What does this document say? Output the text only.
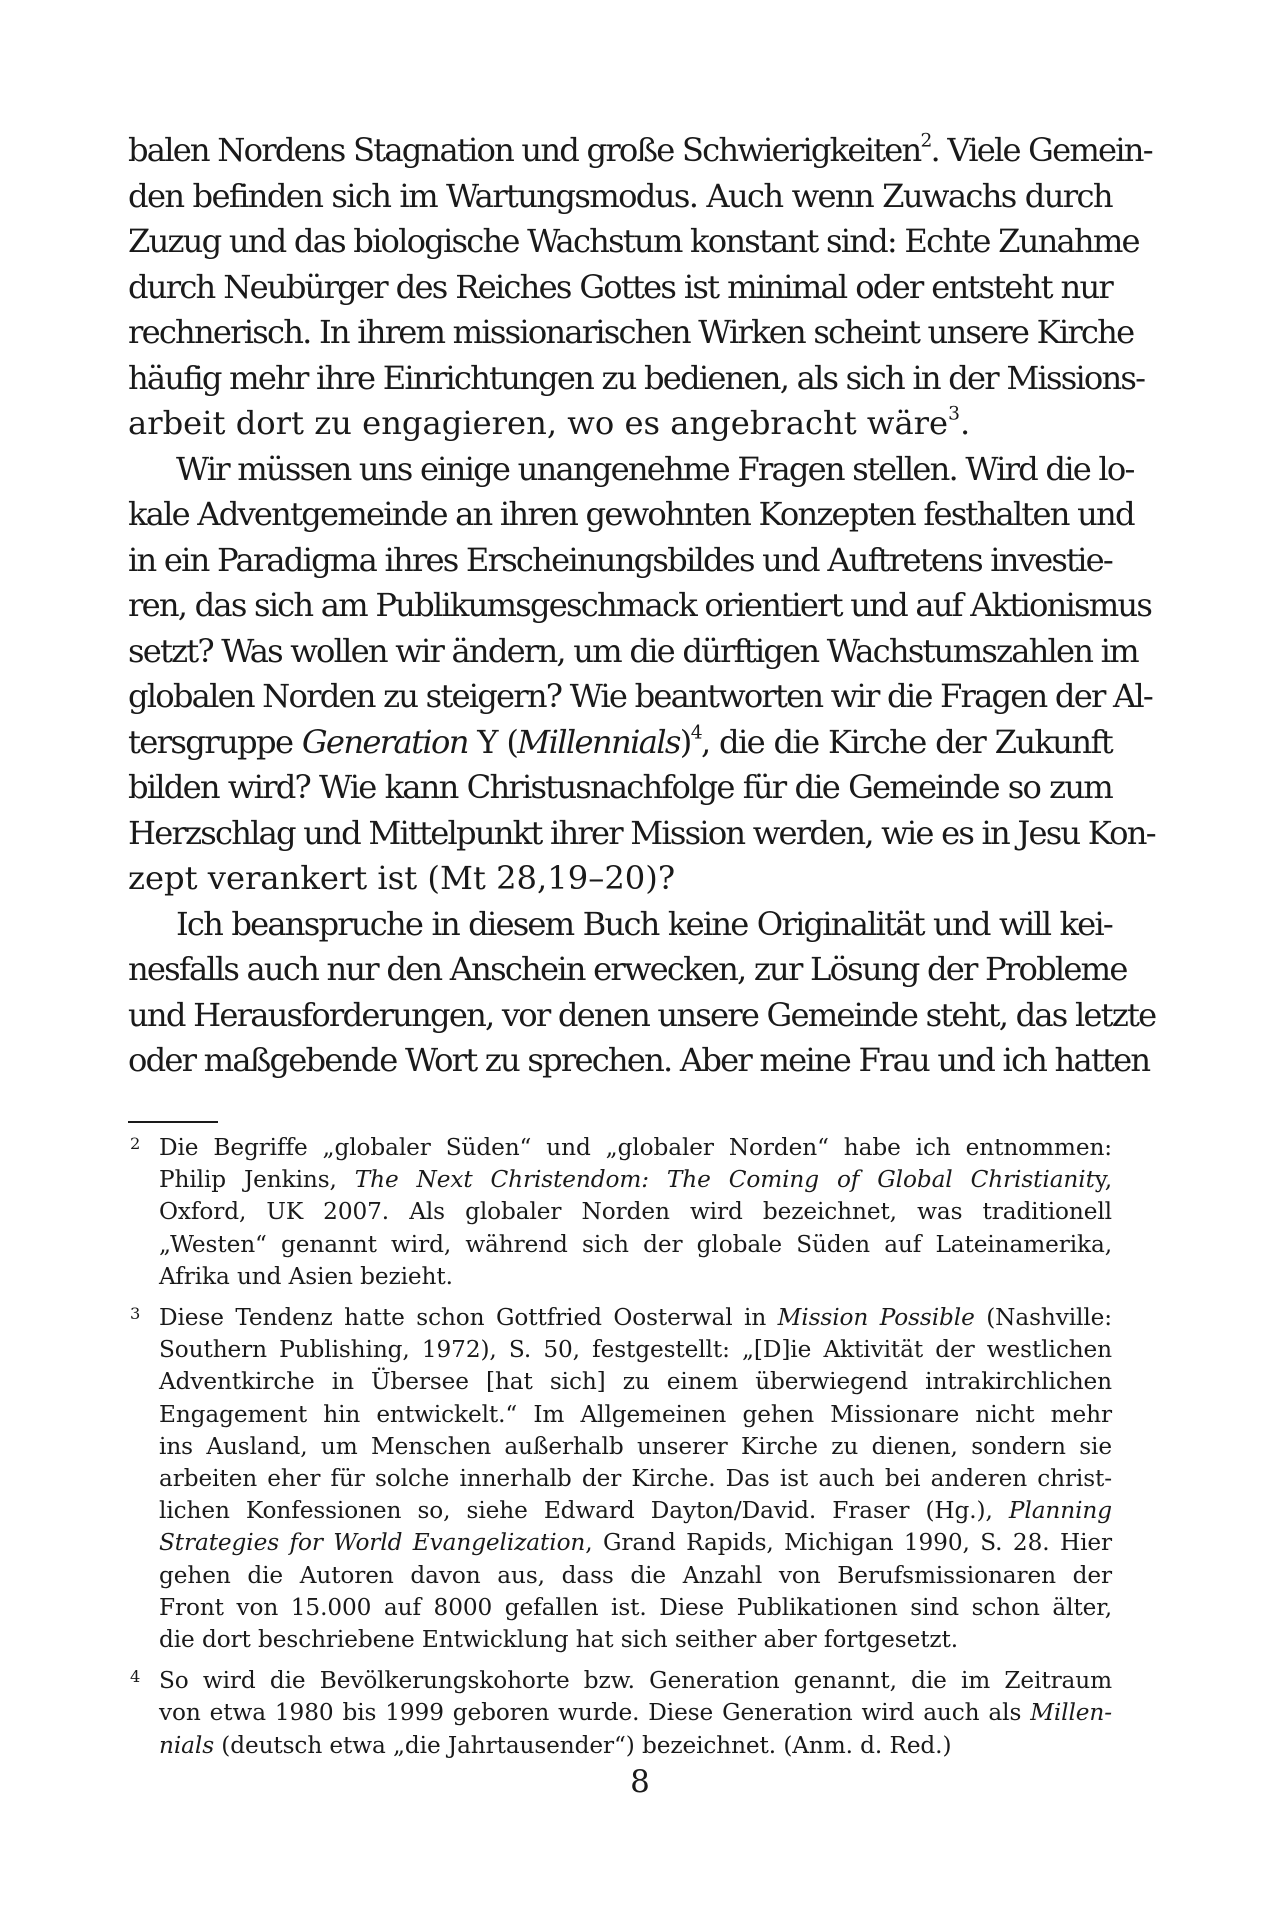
balen Nordens Stagnation und große Schwierigkeiten$^2$. Viele Gemein-
den befinden sich im Wartungsmodus. Auch wenn Zuwachs durch
Zuzug und das biologische Wachstum konstant sind: Echte Zunahme
durch Neubürger des Reiches Gottes ist minimal oder entsteht nur
rechnerisch. In ihrem missionarischen Wirken scheint unsere Kirche
häufig mehr ihre Einrichtungen zu bedienen, als sich in der Missions-
arbeit dort zu engagieren, wo es angebracht wäre$^3$.
Wir müssen uns einige unangenehme Fragen stellen. Wird die lo-
kale Adventgemeinde an ihren gewohnten Konzepten festhalten und
in ein Paradigma ihres Erscheinungsbildes und Auftretens investie-
ren, das sich am Publikumsgeschmack orientiert und auf Aktionismus
setzt? Was wollen wir ändern, um die dürftigen Wachstumszahlen im
globalen Norden zu steigern? Wie beantworten wir die Fragen der Al-
tersgruppe Generation Y (Millennials)$^4$, die die Kirche der Zukunft
bilden wird? Wie kann Christusnachfolge für die Gemeinde so zum
Herzschlag und Mittelpunkt ihrer Mission werden, wie es in Jesu Kon-
zept verankert ist (Mt 28,19–20)?
Ich beanspruche in diesem Buch keine Originalität und will kei-
nesfalls auch nur den Anschein erwecken, zur Lösung der Probleme
und Herausforderungen, vor denen unsere Gemeinde steht, das letzte
oder maßgebende Wort zu sprechen. Aber meine Frau und ich hatten
2 Die Begriffe „globaler Süden“ und „globaler Norden“ habe ich entnommen:
Philip Jenkins, The Next Christendom: The Coming of Global Christianity,
Oxford, UK 2007. Als globaler Norden wird bezeichnet, was traditionell
„Westen“ genannt wird, während sich der globale Süden auf Lateinamerika,
Afrika und Asien bezieht.
3 Diese Tendenz hatte schon Gottfried Oosterwal in Mission Possible (Nashville:
Southern Publishing, 1972), S. 50, festgestellt: „[D]ie Aktivität der westlichen
Adventkirche in Übersee [hat sich] zu einem überwiegend intrakirchlichen
Engagement hin entwickelt.“ Im Allgemeinen gehen Missionare nicht mehr
ins Ausland, um Menschen außerhalb unserer Kirche zu dienen, sondern sie
arbeiten eher für solche innerhalb der Kirche. Das ist auch bei anderen christ-
lichen Konfessionen so, siehe Edward Dayton/David. Fraser (Hg.), Planning
Strategies for World Evangelization, Grand Rapids, Michigan 1990, S. 28. Hier
gehen die Autoren davon aus, dass die Anzahl von Berufsmissionaren der
Front von 15.000 auf 8000 gefallen ist. Diese Publikationen sind schon älter,
die dort beschriebene Entwicklung hat sich seither aber fortgesetzt.
4 So wird die Bevölkerungskohorte bzw. Generation genannt, die im Zeitraum
von etwa 1980 bis 1999 geboren wurde. Diese Generation wird auch als Millen-
nials (deutsch etwa „die Jahrtausender“) bezeichnet. (Anm. d. Red.)
8
